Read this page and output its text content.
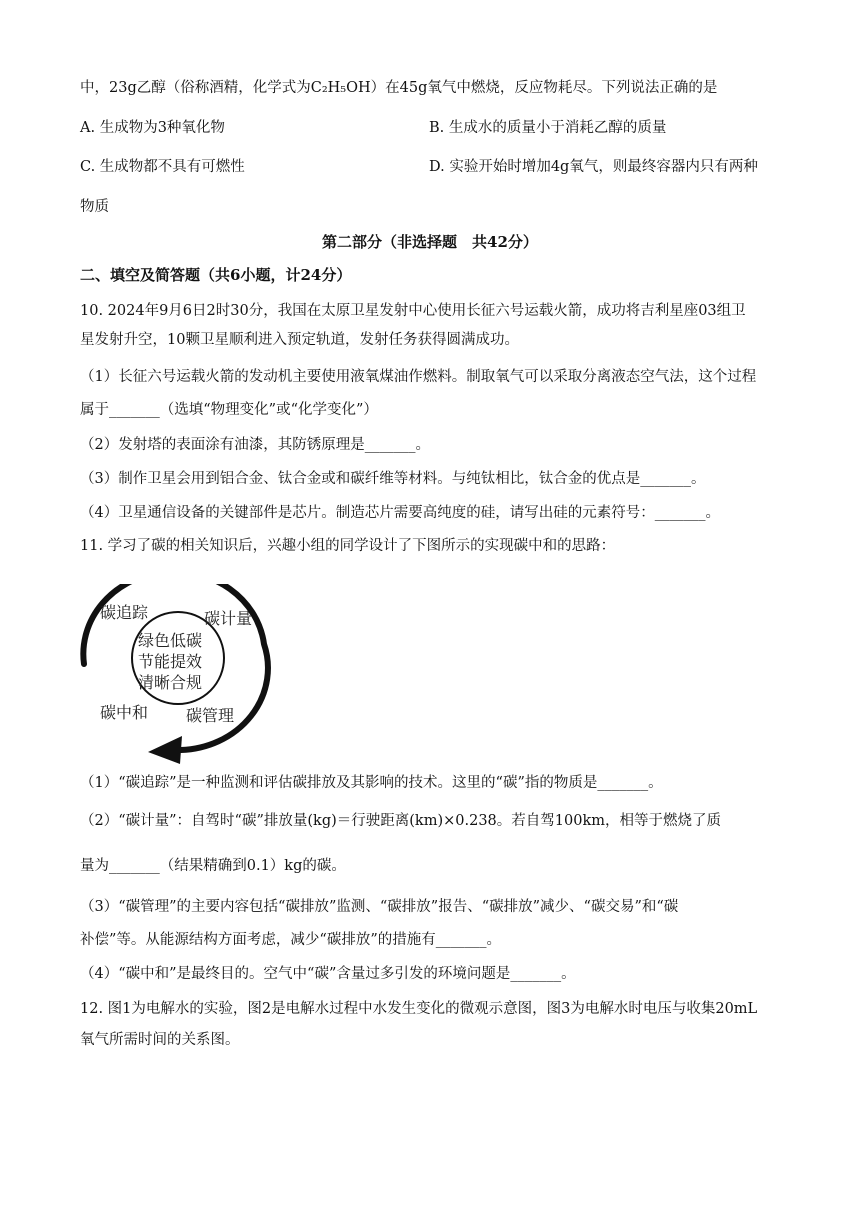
中，23g乙醇（俗称酒精，化学式为C₂H₅OH）在45g氧气中燃烧，反应物耗尽。下列说法正确的是
A. 生成物为3种氧化物	B. 生成水的质量小于消耗乙醇的质量
C. 生成物都不具有可燃性	D. 实验开始时增加4g氧气，则最终容器内只有两种
物质
第二部分（非选择题　共42分）
二、填空及简答题（共6小题，计24分）
10. 2024年9月6日2时30分，我国在太原卫星发射中心使用长征六号运载火箭，成功将吉利星座03组卫
星发射升空，10颗卫星顺利进入预定轨道，发射任务获得圆满成功。
（1）长征六号运载火箭的发动机主要使用液氧煤油作燃料。制取氧气可以采取分离液态空气法，这个过程
属于_______（选填“物理变化”或“化学变化”）
（2）发射塔的表面涂有油漆，其防锈原理是_______。
（3）制作卫星会用到铝合金、钛合金或和碳纤维等材料。与纯钛相比，钛合金的优点是_______。
（4）卫星通信设备的关键部件是芯片。制造芯片需要高纯度的硅，请写出硅的元素符号：_______。
11. 学习了碳的相关知识后，兴趣小组的同学设计了下图所示的实现碳中和的思路：
碳追踪	碳计量
碳中和 碳管理
绿色低碳
节能提效
清晰合规
（1）“碳追踪”是一种监测和评估碳排放及其影响的技术。这里的“碳”指的物质是_______。
（2）“碳计量”：自驾时“碳”排放量(kg)＝行驶距离(km)×0.238。若自驾100km，相等于燃烧了质
量为_______（结果精确到0.1）kg的碳。
（3）“碳管理”的主要内容包括“碳排放”监测、“碳排放”报告、“碳排放”减少、“碳交易”和“碳
补偿”等。从能源结构方面考虑，减少“碳排放”的措施有_______。
（4）“碳中和”是最终目的。空气中“碳”含量过多引发的环境问题是_______。
12. 图1为电解水的实验，图2是电解水过程中水发生变化的微观示意图，图3为电解水时电压与收集20mL
氧气所需时间的关系图。
